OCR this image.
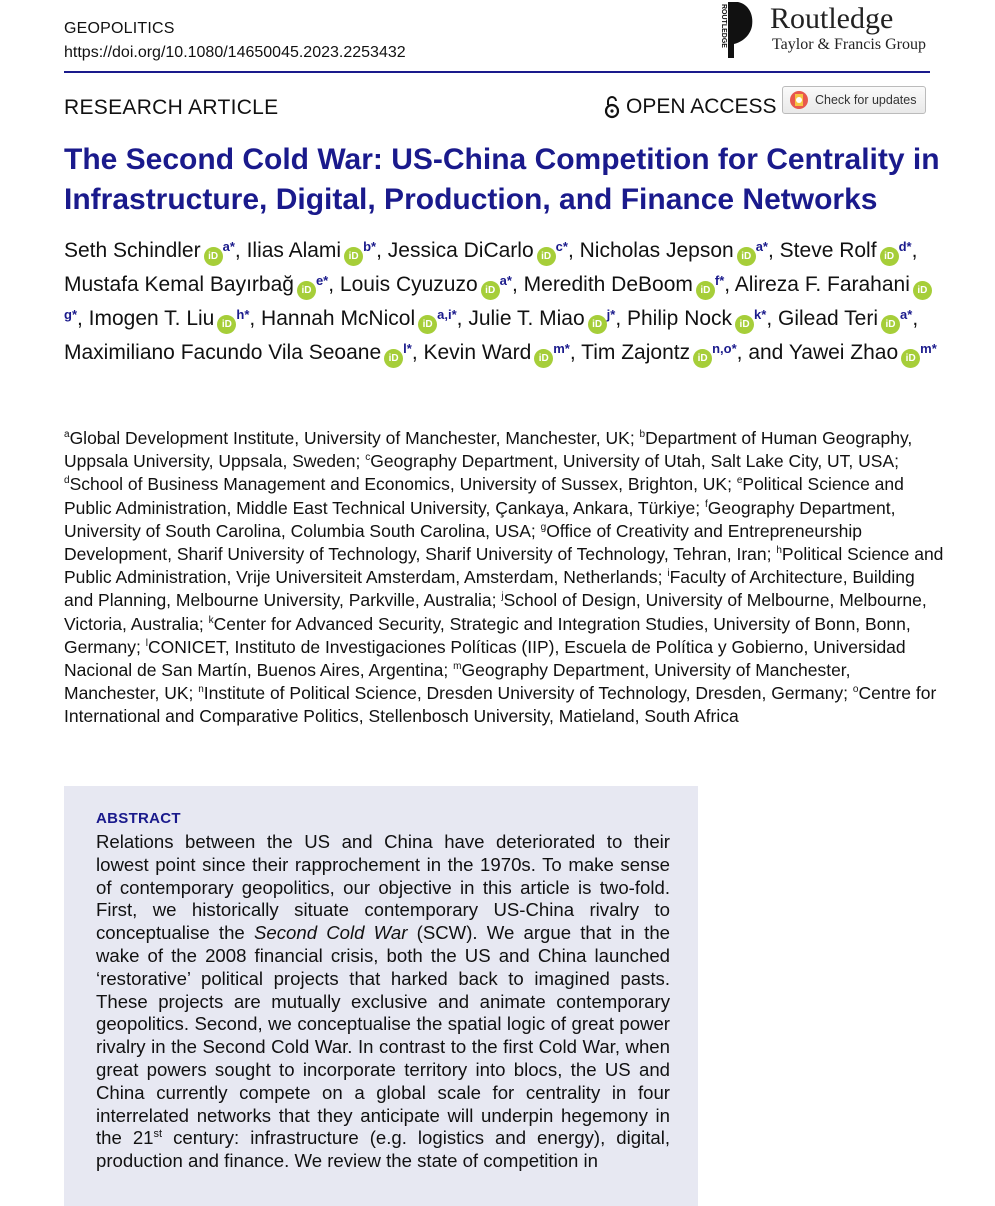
GEOPOLITICS
https://doi.org/10.1080/14650045.2023.2253432
ROUTLEDGE Routledge
Taylor & Francis Group
RESEARCH ARTICLE	OPEN ACCESS	Check for updates
The Second Cold War: US-China Competition for Centrality in Infrastructure, Digital, Production, and Finance Networks
Seth Schindler $iD^{a*}$, Ilias Alami $iD^{b*}$, Jessica DiCarlo $iD^{c*}$, Nicholas Jepson $iD^{a*}$, Steve Rolf $iD^{d*}$, Mustafa Kemal Bayırbağ $iD^{e*}$, Louis Cyuzuzo $iD^{a*}$, Meredith DeBoom $iD^{f*}$, Alireza F. Farahani $iD^{g*}$, Imogen T. Liu $iD^{h*}$, Hannah McNicol $iD^{a,i*}$, Julie T. Miao $iD^{j*}$, Philip Nock $iD^{k*}$, Gilead Teri $iD^{a*}$, Maximiliano Facundo Vila Seoane $iD^{l*}$, Kevin Ward $iD^{m*}$, Tim Zajontz $iD^{n,o*}$, and Yawei Zhao $iD^{m*}$
$^a$Global Development Institute, University of Manchester, Manchester, UK; $^b$Department of Human Geography, Uppsala University, Uppsala, Sweden; $^c$Geography Department, University of Utah, Salt Lake City, UT, USA; $^d$School of Business Management and Economics, University of Sussex, Brighton, UK; $^e$Political Science and Public Administration, Middle East Technical University, Çankaya, Ankara, Türkiye; $^f$Geography Department, University of South Carolina, Columbia South Carolina, USA; $^g$Office of Creativity and Entrepreneurship Development, Sharif University of Technology, Sharif University of Technology, Tehran, Iran; $^h$Political Science and Public Administration, Vrije Universiteit Amsterdam, Amsterdam, Netherlands; $^i$Faculty of Architecture, Building and Planning, Melbourne University, Parkville, Australia; $^j$School of Design, University of Melbourne, Melbourne, Victoria, Australia; $^k$Center for Advanced Security, Strategic and Integration Studies, University of Bonn, Bonn, Germany; $^l$CONICET, Instituto de Investigaciones Políticas (IIP), Escuela de Política y Gobierno, Universidad Nacional de San Martín, Buenos Aires, Argentina; $^m$Geography Department, University of Manchester, Manchester, UK; $^n$Institute of Political Science, Dresden University of Technology, Dresden, Germany; $^o$Centre for International and Comparative Politics, Stellenbosch University, Matieland, South Africa
ABSTRACT
Relations between the US and China have deteriorated to their lowest point since their rapprochement in the 1970s. To make sense of contemporary geopolitics, our objective in this article is two-fold. First, we historically situate contemporary US-China rivalry to conceptualise the Second Cold War (SCW). We argue that in the wake of the 2008 financial crisis, both the US and China launched ‘restorative’ political projects that harked back to imagined pasts. These projects are mutually exclusive and animate contemporary geopolitics. Second, we conceptualise the spatial logic of great power rivalry in the Second Cold War. In contrast to the first Cold War, when great powers sought to incorporate territory into blocs, the US and China currently compete on a global scale for centrality in four interrelated networks that they anticipate will underpin hegemony in the 21st century: infrastructure (e.g. logistics and energy), digital, production and finance. We review the state of competition in
